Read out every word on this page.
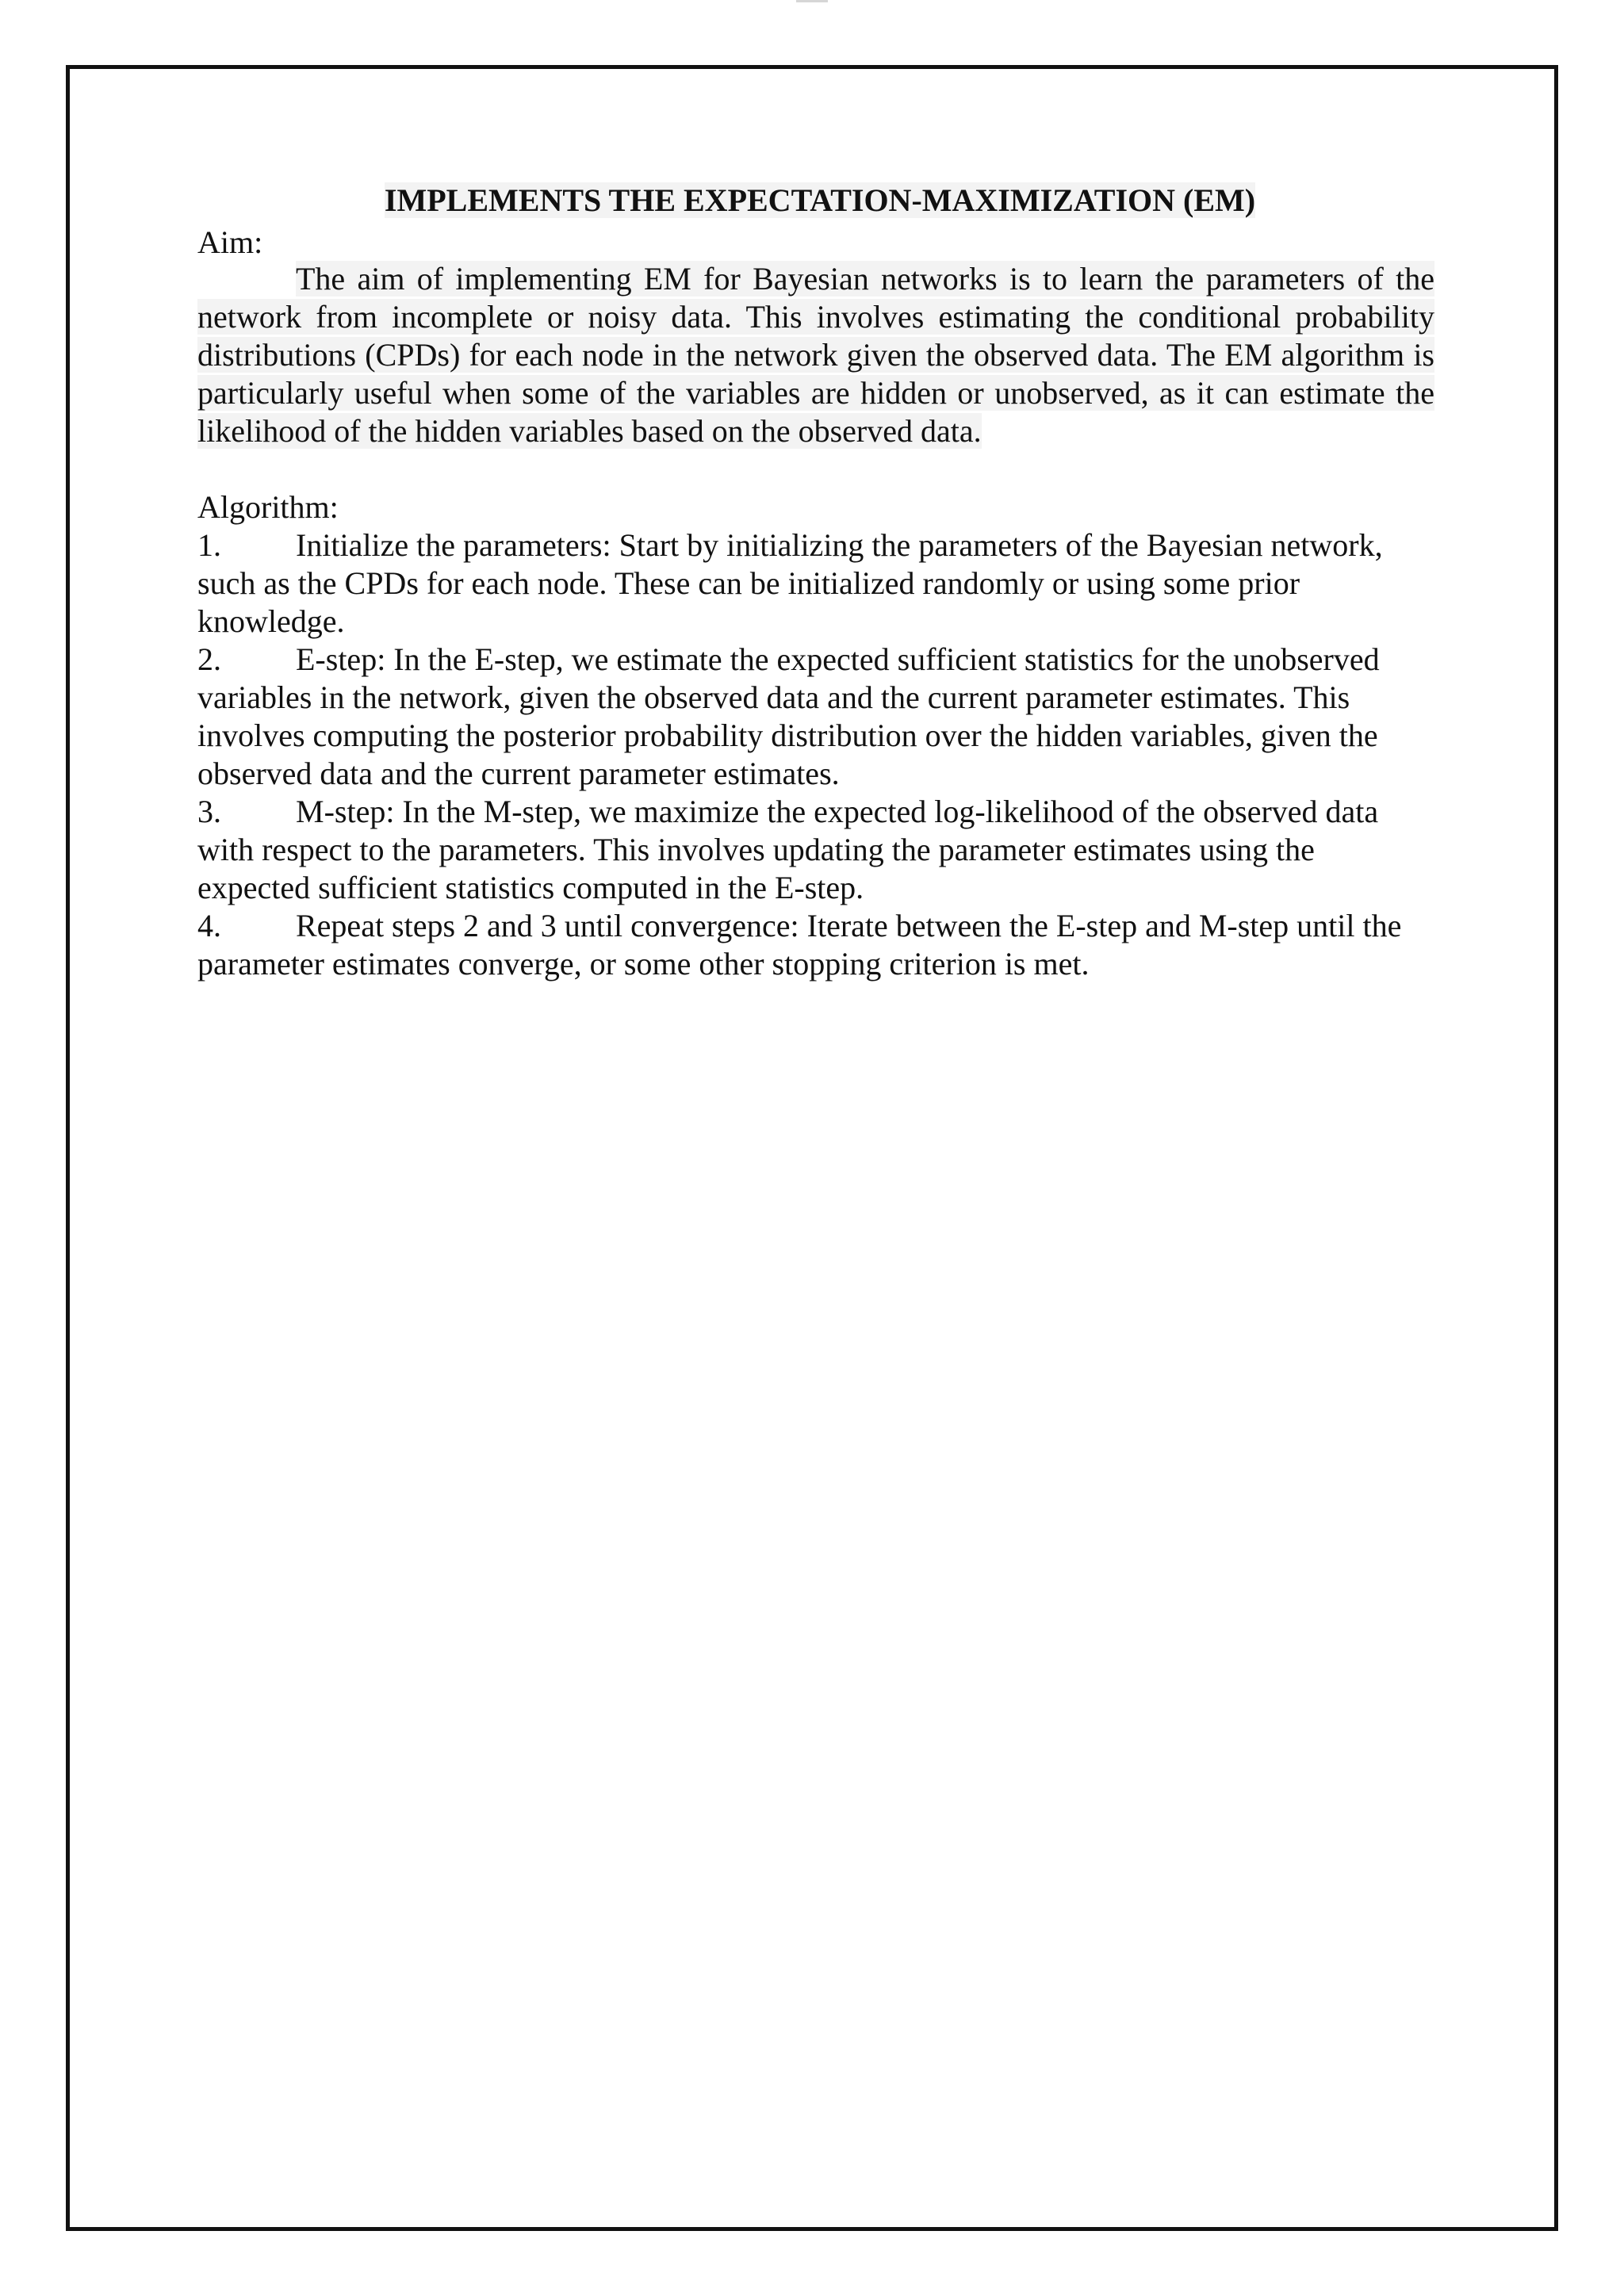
IMPLEMENTS THE EXPECTATION-MAXIMIZATION (EM)
Aim:
The aim of implementing EM for Bayesian networks is to learn the parameters of the network from incomplete or noisy data. This involves estimating the conditional probability distributions (CPDs) for each node in the network given the observed data. The EM algorithm is particularly useful when some of the variables are hidden or unobserved, as it can estimate the likelihood of the hidden variables based on the observed data.
Algorithm:
1. Initialize the parameters: Start by initializing the parameters of the Bayesian network, such as the CPDs for each node. These can be initialized randomly or using some prior knowledge.
2. E-step: In the E-step, we estimate the expected sufficient statistics for the unobserved variables in the network, given the observed data and the current parameter estimates. This involves computing the posterior probability distribution over the hidden variables, given the observed data and the current parameter estimates.
3. M-step: In the M-step, we maximize the expected log-likelihood of the observed data with respect to the parameters. This involves updating the parameter estimates using the expected sufficient statistics computed in the E-step.
4. Repeat steps 2 and 3 until convergence: Iterate between the E-step and M-step until the parameter estimates converge, or some other stopping criterion is met.
